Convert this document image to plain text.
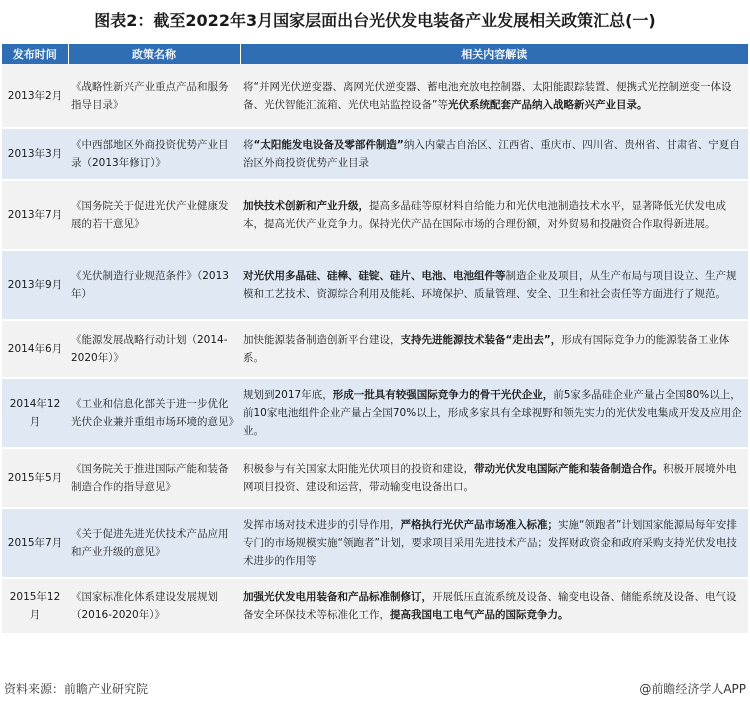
图表2：截至2022年3月国家层面出台光伏发电装备产业发展相关政策汇总(一)
发布时间	政策名称	相关内容解读
2013年2月	《战略性新兴产业重点产品和服务指导目录》	将“并网光伏逆变器、离网光伏逆变器、蓄电池充放电控制器、太阳能跟踪装置、便携式光控制逆变一体设备、光伏智能汇流箱、光伏电站监控设备”等光伏系统配套产品纳入战略新兴产业目录。
2013年3月	《中西部地区外商投资优势产业目录（2013年修订）》	将“太阳能发电设备及零部件制造”纳入内蒙古自治区、江西省、重庆市、四川省、贵州省、甘肃省、宁夏自治区外商投资优势产业目录
2013年7月	《国务院关于促进光伏产业健康发展的若干意见》	加快技术创新和产业升级，提高多晶硅等原材料自给能力和光伏电池制造技术水平，显著降低光伏发电成本，提高光伏产业竞争力。保持光伏产品在国际市场的合理份额，对外贸易和投融资合作取得新进展。
2013年9月	《光伏制造行业规范条件》（2013年）	对光伏用多晶硅、硅棒、硅锭、硅片、电池、电池组件等制造企业及项目，从生产布局与项目设立、生产规模和工艺技术、资源综合利用及能耗、环境保护、质量管理、安全、卫生和社会责任等方面进行了规范。
2014年6月	《能源发展战略行动计划（2014-2020年）》	加快能源装备制造创新平台建设，支持先进能源技术装备“走出去”，形成有国际竞争力的能源装备工业体系。
2014年12月	《工业和信息化部关于进一步优化光伏企业兼并重组市场环境的意见》	规划到2017年底，形成一批具有较强国际竞争力的骨干光伏企业，前5家多晶硅企业产量占全国80%以上，前10家电池组件企业产量占全国70%以上，形成多家具有全球视野和领先实力的光伏发电集成开发及应用企业。
2015年5月	《国务院关于推进国际产能和装备制造合作的指导意见》	积极参与有关国家太阳能光伏项目的投资和建设，带动光伏发电国际产能和装备制造合作。积极开展境外电网项目投资、建设和运营，带动输变电设备出口。
2015年7月	《关于促进先进光伏技术产品应用和产业升级的意见》	发挥市场对技术进步的引导作用，严格执行光伏产品市场准入标准；实施“领跑者”计划国家能源局每年安排专门的市场规模实施“领跑者”计划，要求项目采用先进技术产品；发挥财政资金和政府采购支持光伏发电技术进步的作用等
2015年12月	《国家标准化体系建设发展规划（2016-2020年）》	加强光伏发电用装备和产品标准制修订，开展低压直流系统及设备、输变电设备、储能系统及设备、电气设备安全环保技术等标准化工作，提高我国电工电气产品的国际竞争力。
资料来源：前瞻产业研究院	@前瞻经济学人APP
